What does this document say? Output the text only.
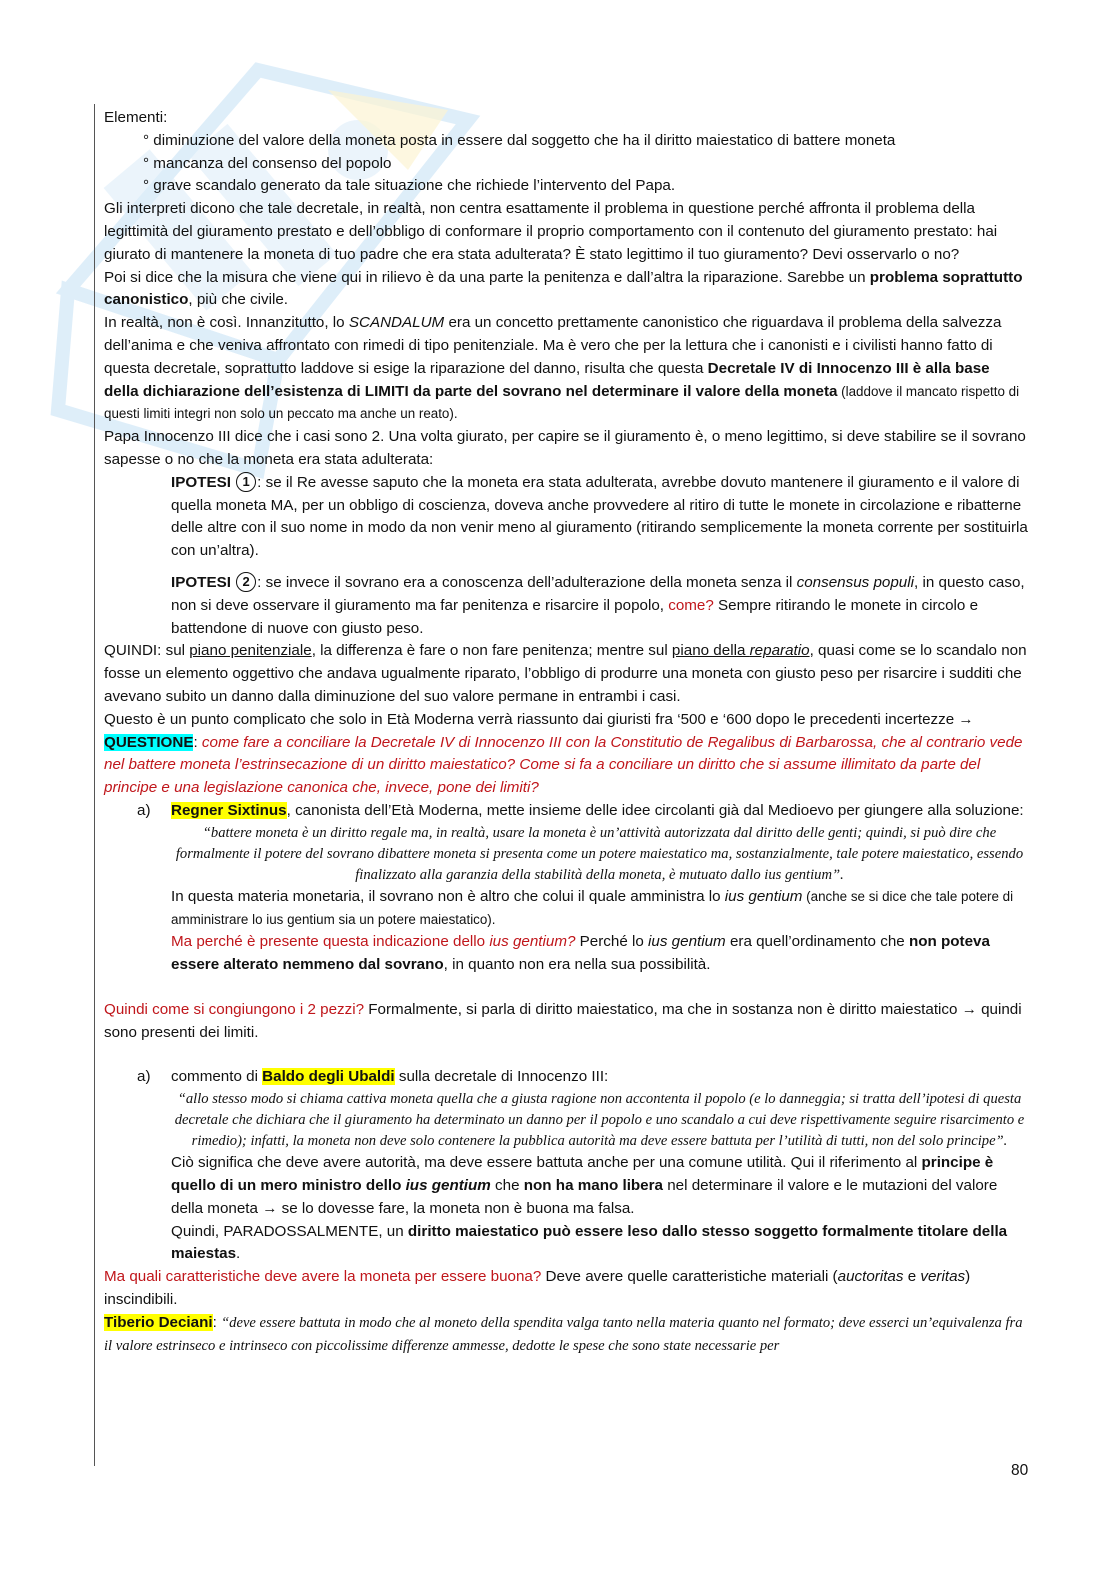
Elementi:

° diminuzione del valore della moneta posta in essere dal soggetto che ha il diritto maiestatico di battere moneta

° mancanza del consenso del popolo

° grave scandalo generato da tale situazione che richiede l’intervento del Papa.

Gli interpreti dicono che tale decretale, in realtà, non centra esattamente il problema in questione perché affronta il problema della legittimità del giuramento prestato e dell’obbligo di conformare il proprio comportamento con il contenuto del giuramento prestato: hai giurato di mantenere la moneta di tuo padre che era stata adulterata? È stato legittimo il tuo giuramento? Devi osservarlo o no?

Poi si dice che la misura che viene qui in rilievo è da una parte la penitenza e dall’altra la riparazione. Sarebbe un problema soprattutto canonistico, più che civile.

In realtà, non è così. Innanzitutto, lo SCANDALUM era un concetto prettamente canonistico che riguardava il problema della salvezza dell’anima e che veniva affrontato con rimedi di tipo penitenziale. Ma è vero che per la lettura che i canonisti e i civilisti hanno fatto di questa decretale, soprattutto laddove si esige la riparazione del danno, risulta che questa Decretale IV di Innocenzo III è alla base della dichiarazione dell’esistenza di LIMITI da parte del sovrano nel determinare il valore della moneta (laddove il mancato rispetto di questi limiti integri non solo un peccato ma anche un reato).

Papa Innocenzo III dice che i casi sono 2. Una volta giurato, per capire se il giuramento è, o meno legittimo, si deve stabilire se il sovrano sapesse o no che la moneta era stata adulterata:

IPOTESI 1 : se il Re avesse saputo che la moneta era stata adulterata, avrebbe dovuto mantenere il giuramento e il valore di quella moneta MA, per un obbligo di coscienza, doveva anche provvedere al ritiro di tutte le monete in circolazione e ribatterne delle altre con il suo nome in modo da non venir meno al giuramento (ritirando semplicemente la moneta corrente per sostituirla con un’altra).

IPOTESI 2 : se invece il sovrano era a conoscenza dell’adulterazione della moneta senza il consensus populi, in questo caso, non si deve osservare il giuramento ma far penitenza e risarcire il popolo, come? Sempre ritirando le monete in circolo e battendone di nuove con giusto peso.

QUINDI: sul piano penitenziale, la differenza è fare o non fare penitenza; mentre sul piano della reparatio, quasi come se lo scandalo non fosse un elemento oggettivo che andava ugualmente riparato, l’obbligo di produrre una moneta con giusto peso per risarcire i sudditi che avevano subito un danno dalla diminuzione del suo valore permane in entrambi i casi.

Questo è un punto complicato che solo in Età Moderna verrà riassunto dai giuristi fra ‘500 e ‘600 dopo le precedenti incertezze → QUESTIONE: come fare a conciliare la Decretale IV di Innocenzo III con la Constitutio de Regalibus di Barbarossa, che al contrario vede nel battere moneta l’estrinsecazione di un diritto maiestatico? Come si fa a conciliare un diritto che si assume illimitato da parte del principe e una legislazione canonica che, invece, pone dei limiti?

a) Regner Sixtinus, canonista dell’Età Moderna, mette insieme delle idee circolanti già dal Medioevo per giungere alla soluzione:

“battere moneta è un diritto regale ma, in realtà, usare la moneta è un’attività autorizzata dal diritto delle genti; quindi, si può dire che formalmente il potere del sovrano dibattere moneta si presenta come un potere maiestatico ma, sostanzialmente, tale potere maiestatico, essendo finalizzato alla garanzia della stabilità della moneta, è mutuato dallo ius gentium”.

In questa materia monetaria, il sovrano non è altro che colui il quale amministra lo ius gentium (anche se si dice che tale potere di amministrare lo ius gentium sia un potere maiestatico).

Ma perché è presente questa indicazione dello ius gentium? Perché lo ius gentium era quell’ordinamento che non poteva essere alterato nemmeno dal sovrano, in quanto non era nella sua possibilità.

Quindi come si congiungono i 2 pezzi? Formalmente, si parla di diritto maiestatico, ma che in sostanza non è diritto maiestatico → quindi sono presenti dei limiti.

a) commento di Baldo degli Ubaldi sulla decretale di Innocenzo III:

“allo stesso modo si chiama cattiva moneta quella che a giusta ragione non accontenta il popolo (e lo danneggia; si tratta dell’ipotesi di questa decretale che dichiara che il giuramento ha determinato un danno per il popolo e uno scandalo a cui deve rispettivamente seguire risarcimento e rimedio); infatti, la moneta non deve solo contenere la pubblica autorità ma deve essere battuta per l’utilità di tutti, non del solo principe”.

Ciò significa che deve avere autorità, ma deve essere battuta anche per una comune utilità. Qui il riferimento al principe è quello di un mero ministro dello ius gentium che non ha mano libera nel determinare il valore e le mutazioni del valore della moneta → se lo dovesse fare, la moneta non è buona ma falsa.

Quindi, PARADOSSALMENTE, un diritto maiestatico può essere leso dallo stesso soggetto formalmente titolare della maiestas.

Ma quali caratteristiche deve avere la moneta per essere buona? Deve avere quelle caratteristiche materiali (auctoritas e veritas) inscindibili.

Tiberio Deciani: “deve essere battuta in modo che al moneto della spendita valga tanto nella materia quanto nel formato; deve esserci un’equivalenza fra il valore estrinseco e intrinseco con piccolissime differenze ammesse, dedotte le spese che sono state necessarie per

80
